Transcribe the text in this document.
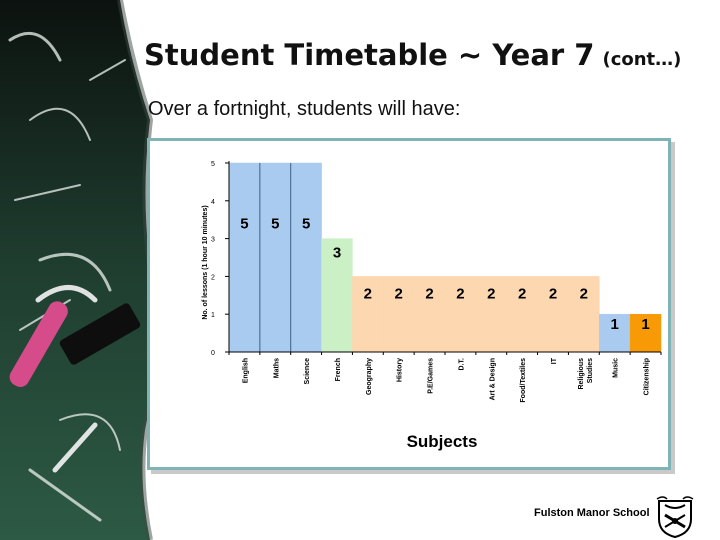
Student Timetable ~ Year 7 (cont…)
Over a fortnight, students will have:
0
1
2
3
4
5
No. of lessons (1 hour 10 minutes) 5 5 5
3
2 2 2 2 2 2 2 2
1 1
English	Maths	Science	French	Geography	History	P.E/Games	D.T.	Art & Design	Food/Textiles	IT	Religious Studies	Music	Citizenship
Subjects
Fulston Manor School
